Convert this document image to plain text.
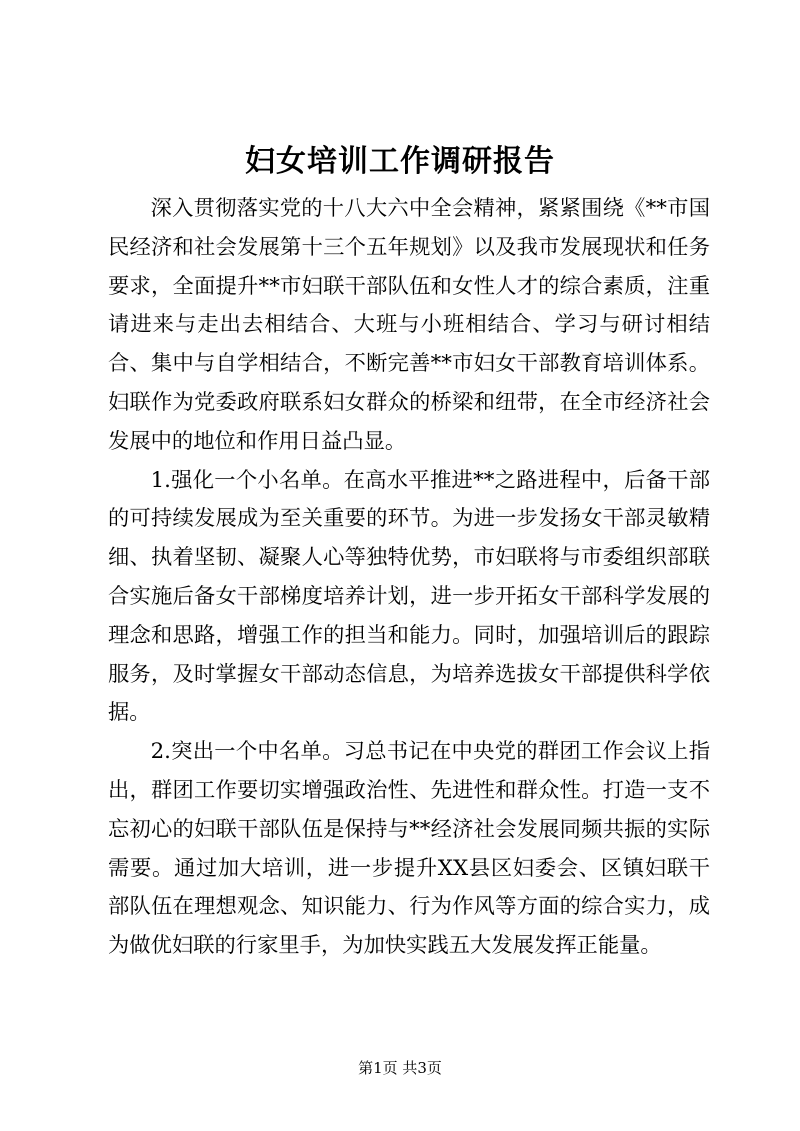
妇女培训工作调研报告

深入贯彻落实党的十八大六中全会精神，紧紧围绕《**市国民经济和社会发展第十三个五年规划》以及我市发展现状和任务要求，全面提升**市妇联干部队伍和女性人才的综合素质，注重请进来与走出去相结合、大班与小班相结合、学习与研讨相结合、集中与自学相结合，不断完善**市妇女干部教育培训体系。妇联作为党委政府联系妇女群众的桥梁和纽带，在全市经济社会发展中的地位和作用日益凸显。

1.强化一个小名单。在高水平推进**之路进程中，后备干部的可持续发展成为至关重要的环节。为进一步发扬女干部灵敏精细、执着坚韧、凝聚人心等独特优势，市妇联将与市委组织部联合实施后备女干部梯度培养计划，进一步开拓女干部科学发展的理念和思路，增强工作的担当和能力。同时，加强培训后的跟踪服务，及时掌握女干部动态信息，为培养选拔女干部提供科学依据。

2.突出一个中名单。习总书记在中央党的群团工作会议上指出，群团工作要切实增强政治性、先进性和群众性。打造一支不忘初心的妇联干部队伍是保持与**经济社会发展同频共振的实际需要。通过加大培训，进一步提升XX县区妇委会、区镇妇联干部队伍在理想观念、知识能力、行为作风等方面的综合实力，成为做优妇联的行家里手，为加快实践五大发展发挥正能量。

第1页 共3页
